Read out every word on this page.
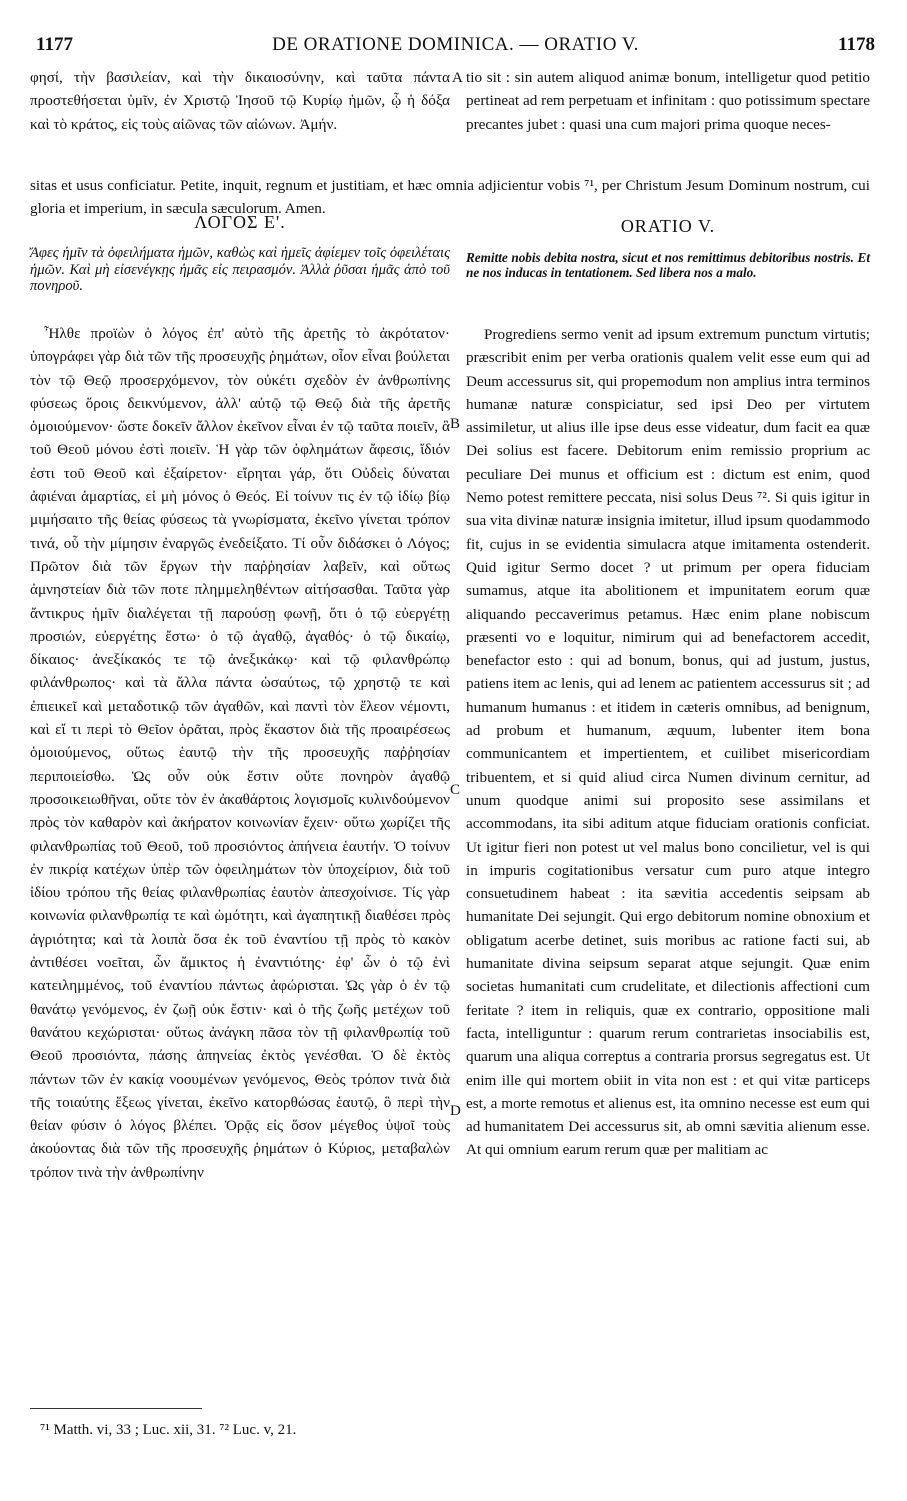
1177	DE ORATIONE DOMINICA. — ORATIO V.	1178

φησί, τὴν βασιλείαν, καὶ τὴν δικαιοσύνην, καὶ ταῦτα πάντα προστεθήσεται ὑμῖν, ἐν Χριστῷ Ἰησοῦ τῷ Κυρίῳ ἡμῶν, ᾧ ἡ δόξα καὶ τὸ κράτος, εἰς τοὺς αἰῶνας τῶν αἰώνων. Ἀμήν.

tio sit : sin autem aliquod animæ bonum, intelligetur quod petitio pertineat ad rem perpetuam et infinitam : quo potissimum spectare precantes jubet : quasi una cum majori prima quoque neces-

sitas et usus conficiatur. Petite, inquit, regnum et justitiam, et hæc omnia adjicientur vobis ⁷¹, per Christum Jesum Dominum nostrum, cui gloria et imperium, in sæcula sæculorum. Amen.

ΛΟΓΟΣ Ε'.	ORATIO V.

Ἄφες ἡμῖν τὰ ὀφειλήματα ἡμῶν, καθὼς καὶ ἡμεῖς ἀφίεμεν τοῖς ὀφειλέταις ἡμῶν. Καὶ μὴ εἰσενέγκῃς ἡμᾶς εἰς πειρασμόν. Ἀλλὰ ῥῦσαι ἡμᾶς ἀπὸ τοῦ πονηροῦ.

Remitte nobis debita nostra, sicut et nos remittimus debitoribus nostris. Et ne nos inducas in tentationem. Sed libera nos a malo.

Ἦλθε προϊὼν ὁ λόγος ἐπ' αὐτὸ τῆς ἀρετῆς τὸ ἀκρότατον· ὑπογράφει γὰρ διὰ τῶν τῆς προσευχῆς ῥημάτων, οἷον εἶναι βούλεται τὸν τῷ Θεῷ προσερχόμενον, τὸν οὐκέτι σχεδὸν ἐν ἀνθρωπίνης φύσεως ὅροις δεικνύμενον, ἀλλ' αὐτῷ τῷ Θεῷ διὰ τῆς ἀρετῆς ὁμοιούμενον· ὥστε δοκεῖν ἄλλον ἐκεῖνον εἶναι ἐν τῷ ταῦτα ποιεῖν, ἃ τοῦ Θεοῦ μόνου ἐστὶ ποιεῖν. Ἡ γὰρ τῶν ὀφλημάτων ἄφεσις, ἴδιόν ἐστι τοῦ Θεοῦ καὶ ἐξαίρετον· εἴρηται γάρ, ὅτι Οὐδεὶς δύναται ἀφιέναι ἁμαρτίας, εἰ μὴ μόνος ὁ Θεός. Εἰ τοίνυν τις ἐν τῷ ἰδίῳ βίῳ μιμήσαιτο τῆς θείας φύσεως τὰ γνωρίσματα, ἐκεῖνο γίνεται τρόπον τινά, οὗ τὴν μίμησιν ἐναργῶς ἐνεδείξατο. Τί οὖν διδάσκει ὁ Λόγος; Πρῶτον διὰ τῶν ἔργων τὴν παῤῥησίαν λαβεῖν, καὶ οὕτως ἀμνηστείαν διὰ τῶν ποτε πλημμεληθέντων αἰτήσασθαι. Ταῦτα γὰρ ἄντικρυς ἡμῖν διαλέγεται τῇ παρούσῃ φωνῇ, ὅτι ὁ τῷ εὐεργέτῃ προσιών, εὐεργέτης ἔστω· ὁ τῷ ἀγαθῷ, ἀγαθός· ὁ τῷ δικαίῳ, δίκαιος· ἀνεξίκακός τε τῷ ἀνεξικάκῳ· καὶ τῷ φιλανθρώπῳ φιλάνθρωπος· καὶ τὰ ἄλλα πάντα ὡσαύτως, τῷ χρηστῷ τε καὶ ἐπιεικεῖ καὶ μεταδοτικῷ τῶν ἀγαθῶν, καὶ παντὶ τὸν ἔλεον νέμοντι, καὶ εἴ τι περὶ τὸ Θεῖον ὁρᾶται, πρὸς ἕκαστον διὰ τῆς προαιρέσεως ὁμοιούμενος, οὕτως ἑαυτῷ τὴν τῆς προσευχῆς παῤῥησίαν περιποιείσθω. Ὡς οὖν οὐκ ἔστιν οὔτε πονηρὸν ἀγαθῷ προσοικειωθῆναι, οὔτε τὸν ἐν ἀκαθάρτοις λογισμοῖς κυλινδούμενον πρὸς τὸν καθαρὸν καὶ ἀκήρατον κοινωνίαν ἔχειν· οὕτω χωρίζει τῆς φιλανθρωπίας τοῦ Θεοῦ, τοῦ προσιόντος ἀπήνεια ἑαυτήν. Ὁ τοίνυν ἐν πικρίᾳ κατέχων ὑπὲρ τῶν ὀφειλημάτων τὸν ὑποχείριον, διὰ τοῦ ἰδίου τρόπου τῆς θείας φιλανθρωπίας ἑαυτὸν ἀπεσχοίνισε. Τίς γὰρ κοινωνία φιλανθρωπίᾳ τε καὶ ὠμότητι, καὶ ἀγαπητικῇ διαθέσει πρὸς ἀγριότητα; καὶ τὰ λοιπὰ ὅσα ἐκ τοῦ ἐναντίου τῇ πρὸς τὸ κακὸν ἀντιθέσει νοεῖται, ὧν ἄμικτος ἡ ἐναντιότης· ἐφ' ὧν ὁ τῷ ἑνὶ κατειλημμένος, τοῦ ἐναντίου πάντως ἀφώρισται. Ὡς γὰρ ὁ ἐν τῷ θανάτῳ γενόμενος, ἐν ζωῇ οὐκ ἔστιν· καὶ ὁ τῆς ζωῆς μετέχων τοῦ θανάτου κεχώρισται· οὕτως ἀνάγκη πᾶσα τὸν τῇ φιλανθρωπίᾳ τοῦ Θεοῦ προσιόντα, πάσης ἀπηνείας ἐκτὸς γενέσθαι. Ὁ δὲ ἐκτὸς πάντων τῶν ἐν κακίᾳ νοουμένων γενόμενος, Θεὸς τρόπον τινὰ διὰ τῆς τοιαύτης ἕξεως γίνεται, ἐκεῖνο κατορθώσας ἑαυτῷ, ὃ περὶ τὴν θείαν φύσιν ὁ λόγος βλέπει. Ὁρᾷς εἰς ὅσον μέγεθος ὑψοῖ τοὺς ἀκούοντας διὰ τῶν τῆς προσευχῆς ῥημάτων ὁ Κύριος, μεταβαλὼν τρόπον τινὰ τὴν ἀνθρωπίνην

Progrediens sermo venit ad ipsum extremum punctum virtutis; præscribit enim per verba orationis qualem velit esse eum qui ad Deum accessurus sit, qui propemodum non amplius intra terminos humanæ naturæ conspiciatur, sed ipsi Deo per virtutem assimiletur, ut alius ille ipse deus esse videatur, dum facit ea quæ Dei solius est facere. Debitorum enim remissio proprium ac peculiare Dei munus et officium est : dictum est enim, quod Nemo potest remittere peccata, nisi solus Deus ⁷². Si quis igitur in sua vita divinæ naturæ insignia imitetur, illud ipsum quodammodo fit, cujus in se evidentia simulacra atque imitamenta ostenderit. Quid igitur Sermo docet ? ut primum per opera fiduciam sumamus, atque ita abolitionem et impunitatem eorum quæ aliquando peccaverimus petamus. Hæc enim plane nobiscum præsenti vo e loquitur, nimirum qui ad benefactorem accedit, benefactor esto : qui ad bonum, bonus, qui ad justum, justus, patiens item ac lenis, qui ad lenem ac patientem accessurus sit ; ad humanum humanus : et itidem in cæteris omnibus, ad benignum, ad probum et humanum, æquum, lubenter item bona communicantem et impertientem, et cuilibet misericordiam tribuentem, et si quid aliud circa Numen divinum cernitur, ad unum quodque animi sui proposito sese assimilans et accommodans, ita sibi aditum atque fiduciam orationis conficiat. Ut igitur fieri non potest ut vel malus bono concilietur, vel is qui in impuris cogitationibus versatur cum puro atque integro consuetudinem habeat : ita sævitia accedentis seipsam ab humanitate Dei sejungit. Qui ergo debitorum nomine obnoxium et obligatum acerbe detinet, suis moribus ac ratione facti sui, ab humanitate divina seipsum separat atque sejungit. Quæ enim societas humanitati cum crudelitate, et dilectionis affectioni cum feritate ? item in reliquis, quæ ex contrario, oppositione mali facta, intelliguntur : quarum rerum contrarietas insociabilis est, quarum una aliqua correptus a contraria prorsus segregatus est. Ut enim ille qui mortem obiit in vita non est : et qui vitæ particeps est, a morte remotus et alienus est, ita omnino necesse est eum qui ad humanitatem Dei accessurus sit, ab omni sævitia alienum esse. At qui omnium earum rerum quæ per malitiam ac

A
B
C
D
⁷¹ Matth. vi, 33 ; Luc. xii, 31. ⁷² Luc. v, 21.
